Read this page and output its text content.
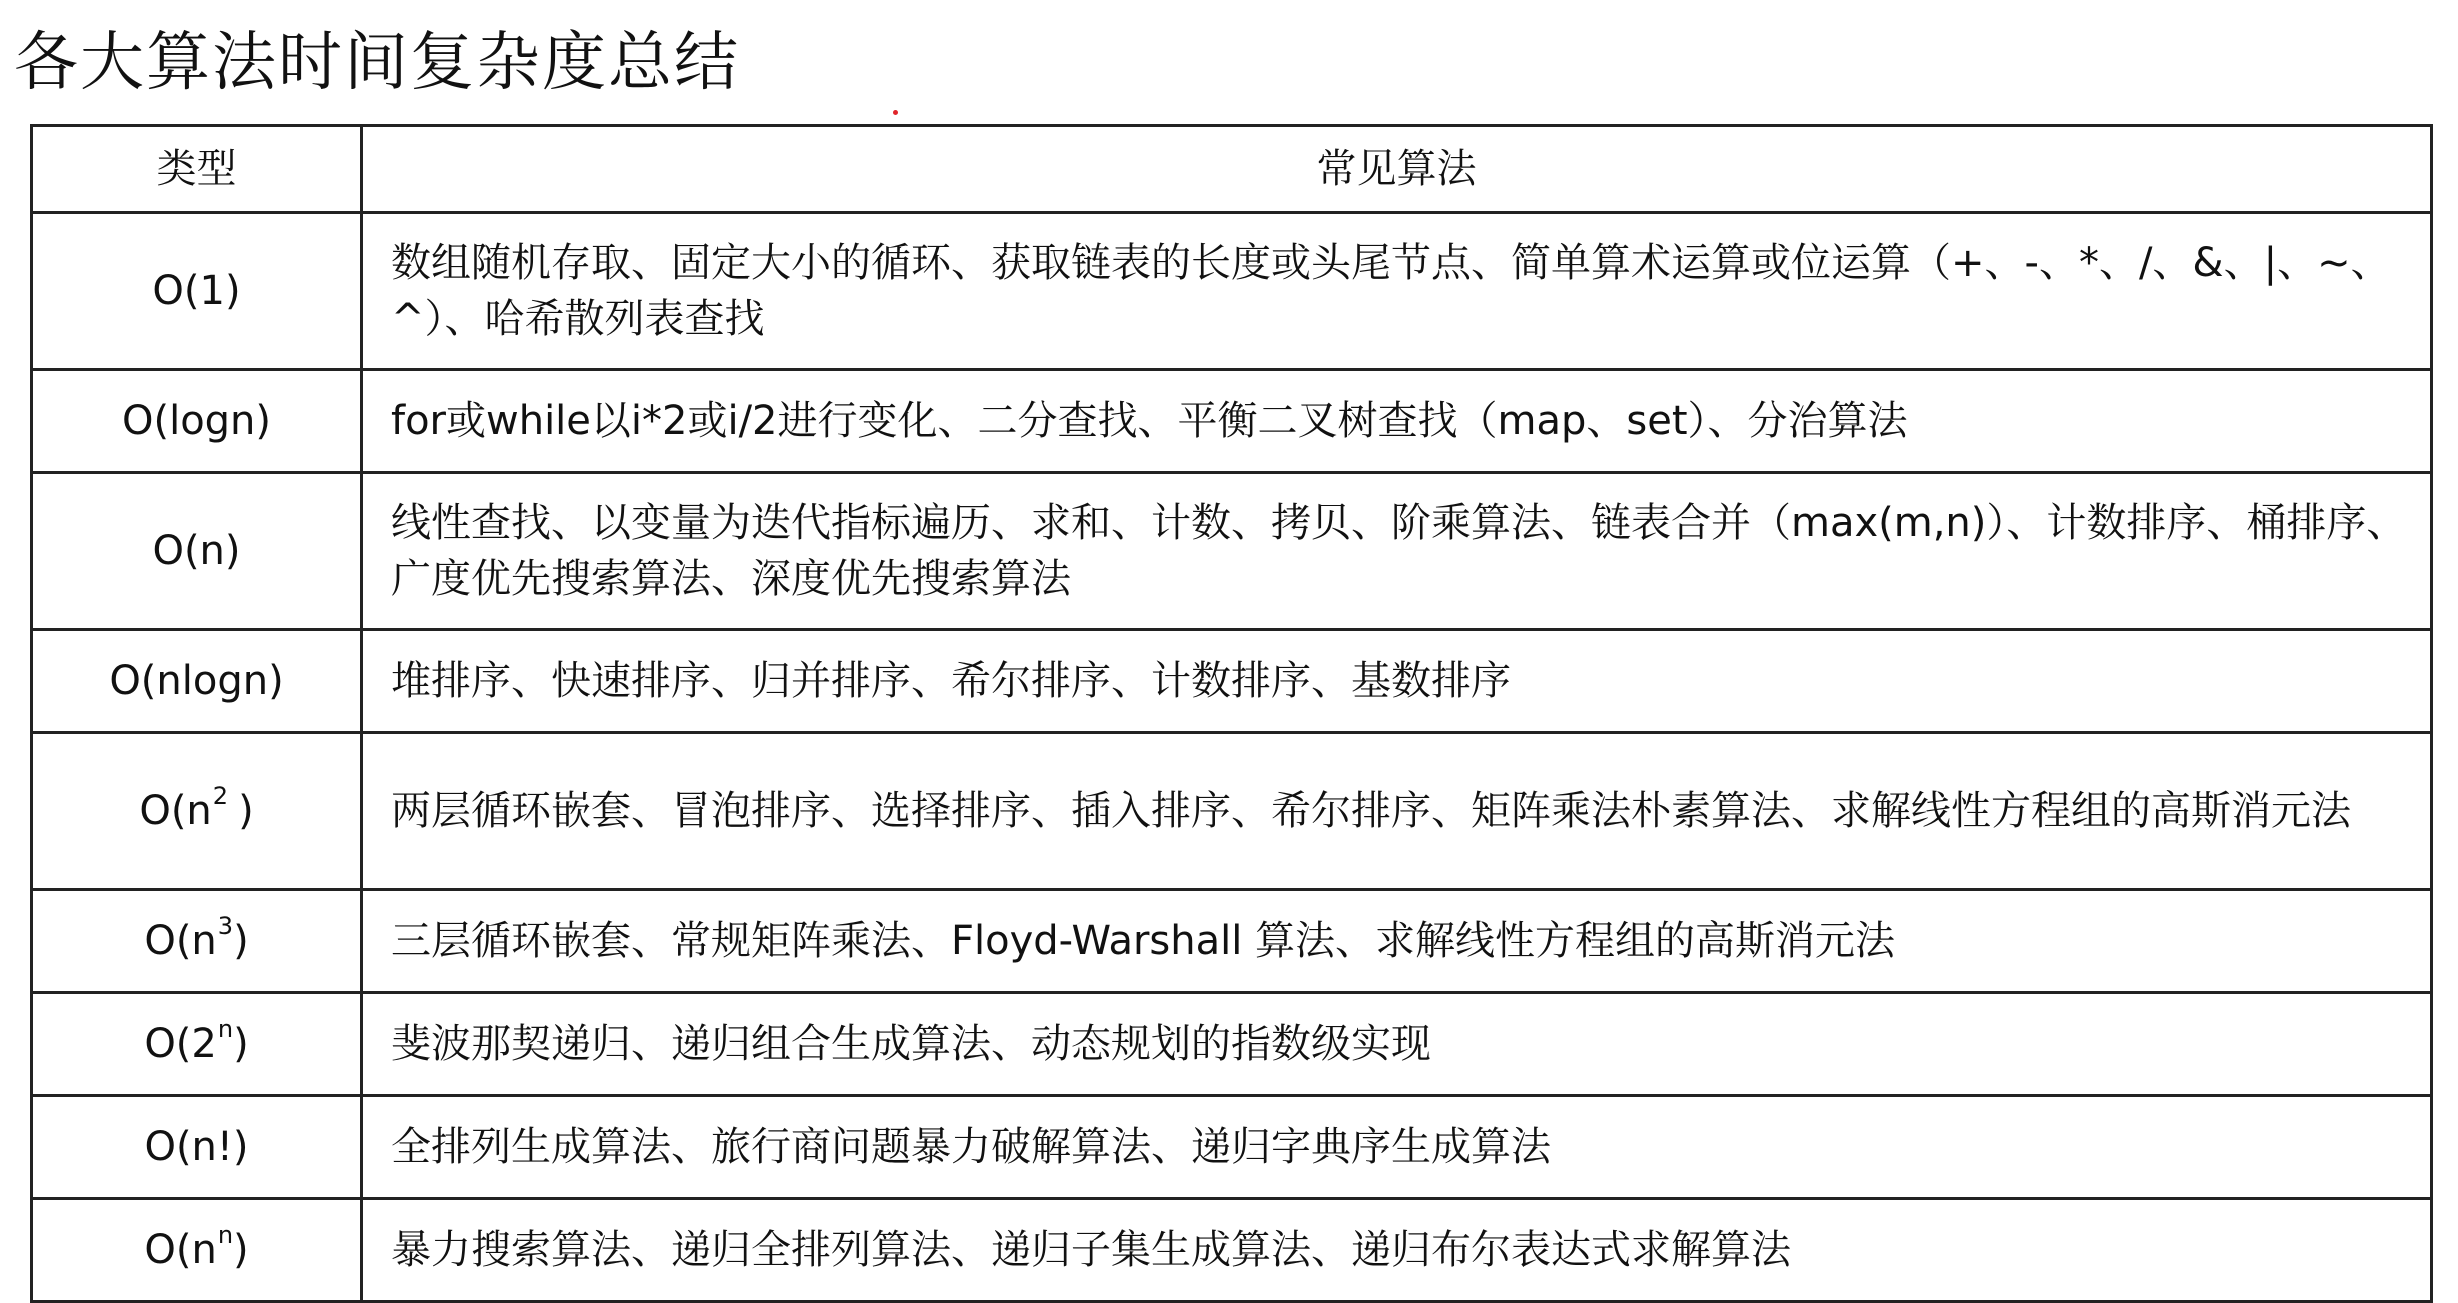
各大算法时间复杂度总结
类型	常见算法
O(1)	数组随机存取、固定大小的循环、获取链表的长度或头尾节点、简单算术运算或位运算（+、-、*、/、&、|、~、^）、哈希散列表查找
O(logn)	for或while以i*2或i/2进行变化、二分查找、平衡二叉树查找（map、set）、分治算法
O(n)	线性查找、以变量为迭代指标遍历、求和、计数、拷贝、阶乘算法、链表合并（max(m,n)）、计数排序、桶排序、广度优先搜索算法、深度优先搜索算法
O(nlogn)	堆排序、快速排序、归并排序、希尔排序、计数排序、基数排序
$O(n^2$ )	两层循环嵌套、冒泡排序、选择排序、插入排序、希尔排序、矩阵乘法朴素算法、求解线性方程组的高斯消元法
$O(n^3)$	三层循环嵌套、常规矩阵乘法、Floyd-Warshall 算法、求解线性方程组的高斯消元法
O(2$^n$)	斐波那契递归、递归组合生成算法、动态规划的指数级实现
O(n!)	全排列生成算法、旅行商问题暴力破解算法、递归字典序生成算法
$O(n^n)$	暴力搜索算法、递归全排列算法、递归子集生成算法、递归布尔表达式求解算法
